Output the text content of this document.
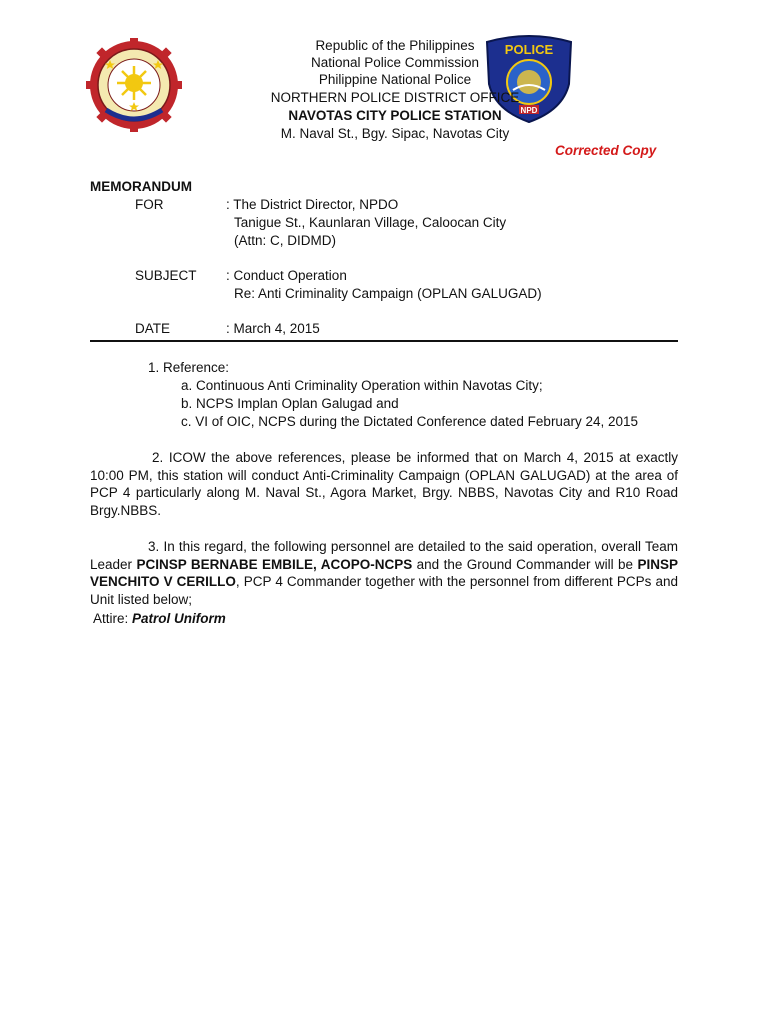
POLICE
NPD
Republic of the Philippines
National Police Commission
Philippine National Police
NORTHERN POLICE DISTRICT OFFICE
NAVOTAS CITY POLICE STATION
M. Naval St., Bgy. Sipac, Navotas City
Corrected Copy
MEMORANDUM
FOR	: The District Director, NPDO
Tanigue St., Kaunlaran Village, Caloocan City
(Attn: C, DIDMD)
SUBJECT : Conduct Operation
Re: Anti Criminality Campaign (OPLAN GALUGAD)
DATE	: March 4, 2015
1. Reference:
a. Continuous Anti Criminality Operation within Navotas City;
b. NCPS Implan Oplan Galugad and
c. VI of OIC, NCPS during the Dictated Conference dated February 24, 2015
2. ICOW the above references, please be informed that on March 4, 2015 at exactly 10:00 PM, this station will conduct Anti-Criminality Campaign (OPLAN GALUGAD) at the area of PCP 4 particularly along M. Naval St., Agora Market, Brgy. NBBS, Navotas City and R10 Road Brgy.NBBS.
3. In this regard, the following personnel are detailed to the said operation, overall Team Leader PCINSP BERNABE EMBILE, ACOPO-NCPS and the Ground Commander will be PINSP VENCHITO V CERILLO, PCP 4 Commander together with the personnel from different PCPs and Unit listed below;
Attire: Patrol Uniform
